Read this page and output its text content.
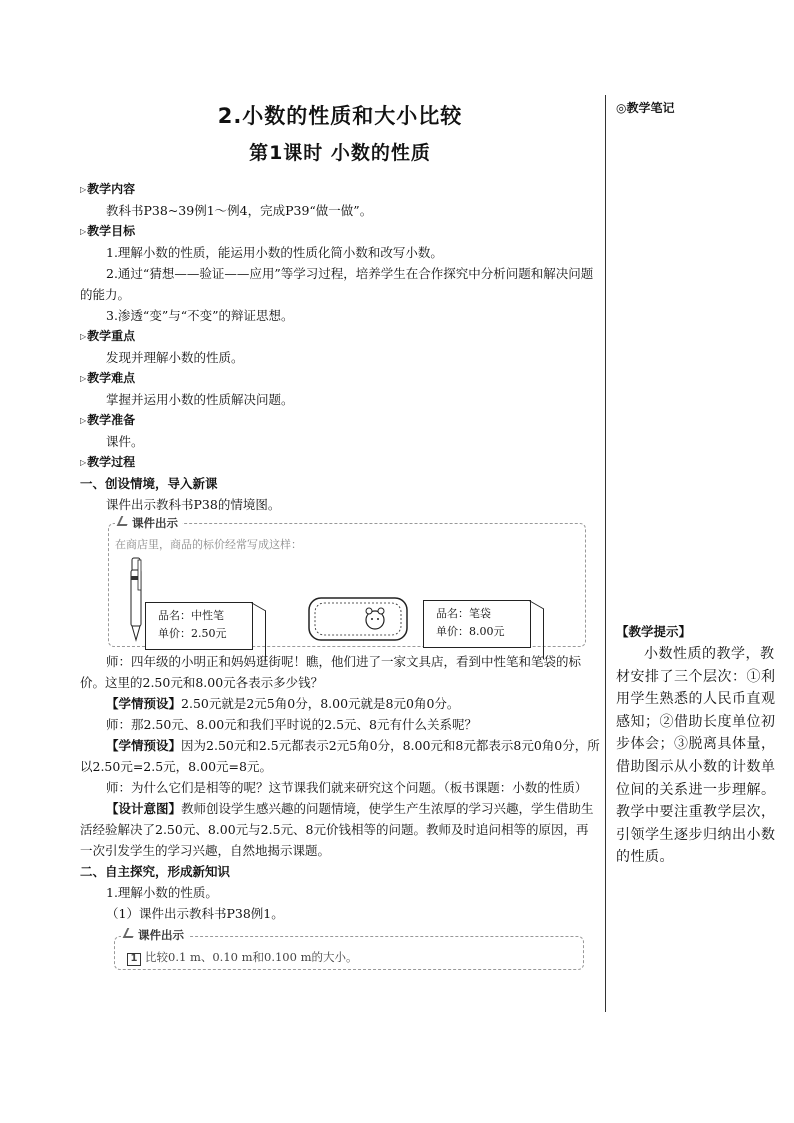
2.小数的性质和大小比较
第1课时 小数的性质
▷教学内容
教科书P38~39例1～例4，完成P39“做一做”。
▷教学目标
1.理解小数的性质，能运用小数的性质化简小数和改写小数。
2.通过“猜想——验证——应用”等学习过程，培养学生在合作探究中分析问题和解决问题的能力。
3.渗透“变”与“不变”的辩证思想。
▷教学重点
发现并理解小数的性质。
▷教学难点
掌握并运用小数的性质解决问题。
▷教学准备
课件。
▷教学过程
一、创设情境，导入新课
课件出示教科书P38的情境图。
课件出示
在商店里，商品的标价经常写成这样：
品名：中性笔
单价：2.50元
品名：笔袋
单价：8.00元
师：四年级的小明正和妈妈逛街呢！瞧，他们进了一家文具店，看到中性笔和笔袋的标价。这里的2.50元和8.00元各表示多少钱？
【学情预设】2.50元就是2元5角0分，8.00元就是8元0角0分。
师：那2.50元、8.00元和我们平时说的2.5元、8元有什么关系呢？
【学情预设】因为2.50元和2.5元都表示2元5角0分，8.00元和8元都表示8元0角0分，所以2.50元=2.5元，8.00元=8元。
师：为什么它们是相等的呢？这节课我们就来研究这个问题。（板书课题：小数的性质）
【设计意图】教师创设学生感兴趣的问题情境，使学生产生浓厚的学习兴趣，学生借助生活经验解决了2.50元、8.00元与2.5元、8元价钱相等的问题。教师及时追问相等的原因，再一次引发学生的学习兴趣，自然地揭示课题。
二、自主探究，形成新知识
1.理解小数的性质。
（1）课件出示教科书P38例1。
课件出示
1 比较0.1 m、0.10 m和0.100 m的大小。
◎教学笔记
【教学提示】
小数性质的教学，教材安排了三个层次：①利用学生熟悉的人民币直观感知；②借助长度单位初步体会；③脱离具体量，借助图示从小数的计数单位间的关系进一步理解。教学中要注重教学层次，引领学生逐步归纳出小数的性质。
